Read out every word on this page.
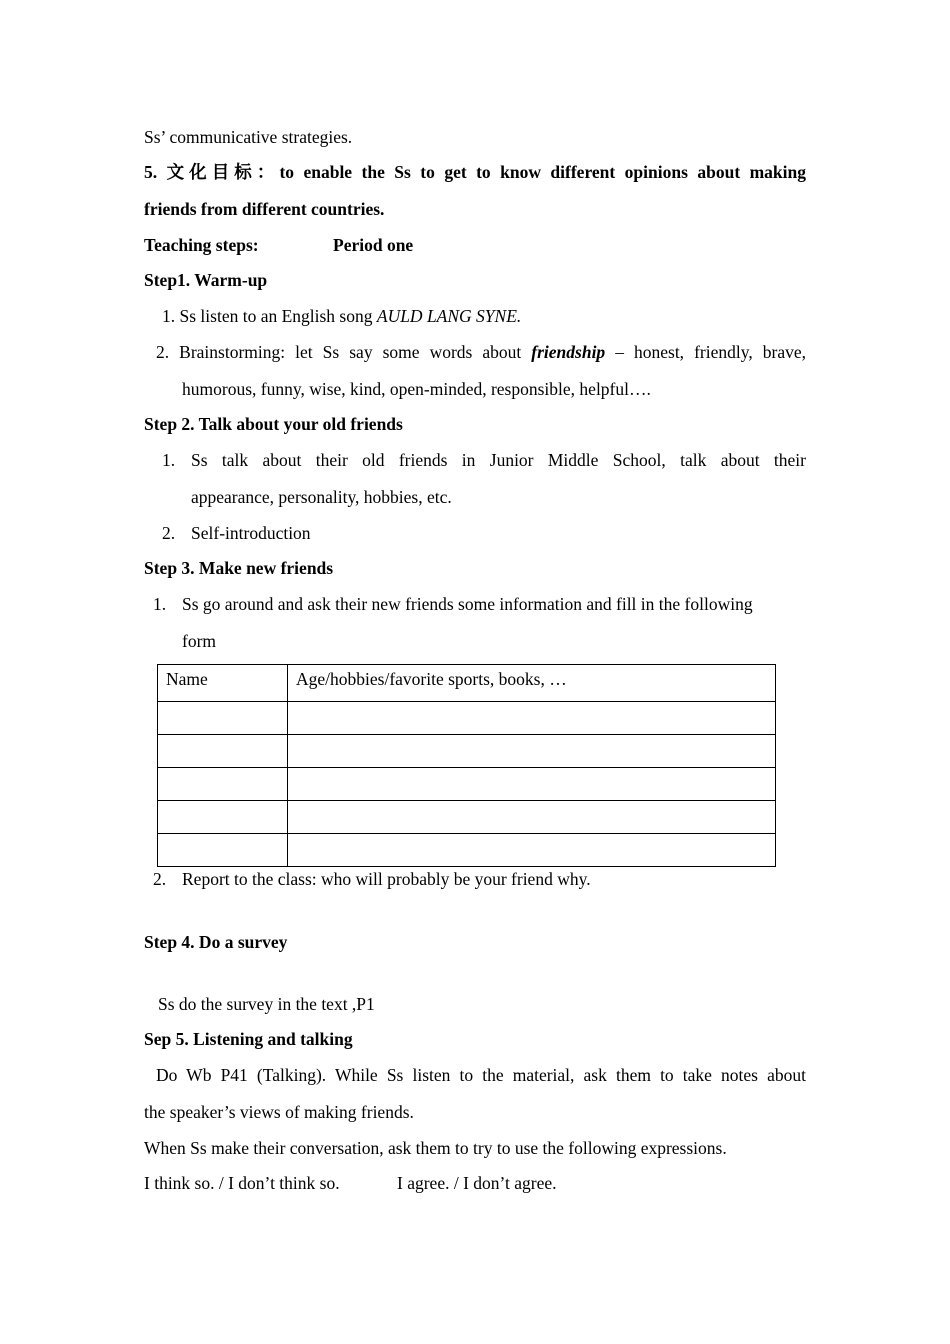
Ss’ communicative strategies.
5. 文化目标：to enable the Ss to get to know different opinions about making
friends from different countries.
Teaching steps:	Period one
Step1. Warm-up
1. Ss listen to an English song AULD LANG SYNE.
2. Brainstorming: let Ss say some words about friendship – honest, friendly, brave,
humorous, funny, wise, kind, open-minded, responsible, helpful….
Step 2. Talk about your old friends
1. Ss talk about their old friends in Junior Middle School, talk about their
appearance, personality, hobbies, etc.
2. Self-introduction
Step 3. Make new friends
1. Ss go around and ask their new friends some information and fill in the following
form
Name	Age/hobbies/favorite sports, books, …

2. Report to the class: who will probably be your friend why.
Step 4. Do a survey
Ss do the survey in the text ,P1
Sep 5. Listening and talking
Do Wb P41 (Talking). While Ss listen to the material, ask them to take notes about
the speaker’s views of making friends.
When Ss make their conversation, ask them to try to use the following expressions.
I think so. / I don’t think so.	I agree. / I don’t agree.
